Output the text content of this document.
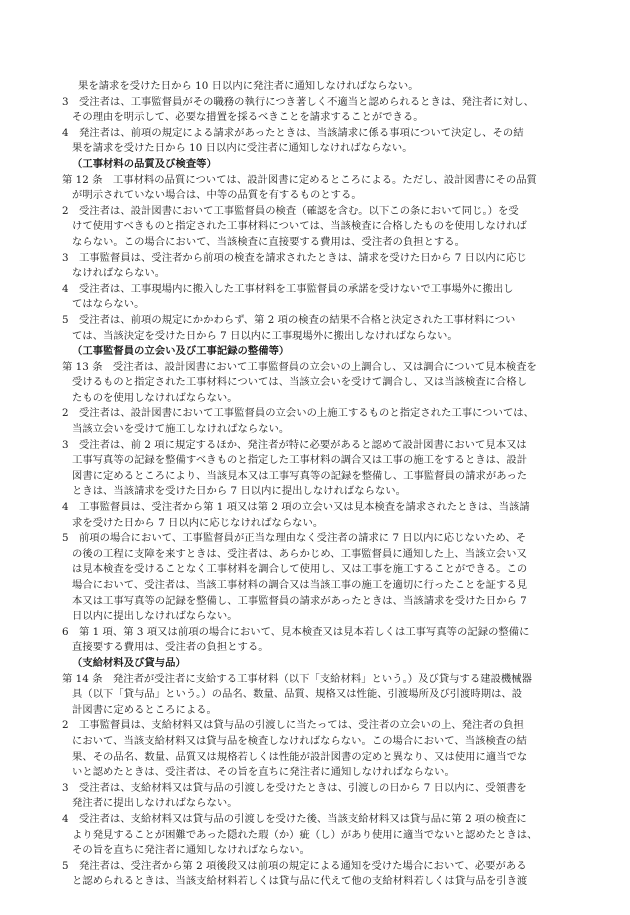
果を請求を受けた日から 10 日以内に発注者に通知しなければならない。
3　受注者は、工事監督員がその職務の執行につき著しく不適当と認められるときは、発注者に対し、
その理由を明示して、必要な措置を採るべきことを請求することができる。
4　発注者は、前項の規定による請求があったときは、当該請求に係る事項について決定し、その結
果を請求を受けた日から 10 日以内に受注者に通知しなければならない。
（工事材料の品質及び検査等）
第 12 条　工事材料の品質については、設計図書に定めるところによる。ただし、設計図書にその品質
が明示されていない場合は、中等の品質を有するものとする。
2　受注者は、設計図書において工事監督員の検査（確認を含む。以下この条において同じ。）を受
けて使用すべきものと指定された工事材料については、当該検査に合格したものを使用しなければ
ならない。この場合において、当該検査に直接要する費用は、受注者の負担とする。
3　工事監督員は、受注者から前項の検査を請求されたときは、請求を受けた日から 7 日以内に応じ
なければならない。
4　受注者は、工事現場内に搬入した工事材料を工事監督員の承諾を受けないで工事場外に搬出し
てはならない。
5　受注者は、前項の規定にかかわらず、第 2 項の検査の結果不合格と決定された工事材料につい
ては、当該決定を受けた日から 7 日以内に工事現場外に搬出しなければならない。
（工事監督員の立会い及び工事記録の整備等）
第 13 条　受注者は、設計図書において工事監督員の立会いの上調合し、又は調合について見本検査を
受けるものと指定された工事材料については、当該立会いを受けて調合し、又は当該検査に合格し
たものを使用しなければならない。
2　受注者は、設計図書において工事監督員の立会いの上施工するものと指定された工事については、
当該立会いを受けて施工しなければならない。
3　受注者は、前 2 項に規定するほか、発注者が特に必要があると認めて設計図書において見本又は
工事写真等の記録を整備すべきものと指定した工事材料の調合又は工事の施工をするときは、設計
図書に定めるところにより、当該見本又は工事写真等の記録を整備し、工事監督員の請求があった
ときは、当該請求を受けた日から 7 日以内に提出しなければならない。
4　工事監督員は、受注者から第 1 項又は第 2 項の立会い又は見本検査を請求されたときは、当該請
求を受けた日から 7 日以内に応じなければならない。
5　前項の場合において、工事監督員が正当な理由なく受注者の請求に 7 日以内に応じないため、そ
の後の工程に支障を来すときは、受注者は、あらかじめ、工事監督員に通知した上、当該立会い又
は見本検査を受けることなく工事材料を調合して使用し、又は工事を施工することができる。この
場合において、受注者は、当該工事材料の調合又は当該工事の施工を適切に行ったことを証する見
本又は工事写真等の記録を整備し、工事監督員の請求があったときは、当該請求を受けた日から 7
日以内に提出しなければならない。
6　第 1 項、第 3 項又は前項の場合において、見本検査又は見本若しくは工事写真等の記録の整備に
直接要する費用は、受注者の負担とする。
（支給材料及び貸与品）
第 14 条　発注者が受注者に支給する工事材料（以下「支給材料」という。）及び貸与する建設機械器
具（以下「貸与品」という。）の品名、数量、品質、規格又は性能、引渡場所及び引渡時期は、設
計図書に定めるところによる。
2　工事監督員は、支給材料又は貸与品の引渡しに当たっては、受注者の立会いの上、発注者の負担
において、当該支給材料又は貸与品を検査しなければならない。この場合において、当該検査の結
果、その品名、数量、品質又は規格若しくは性能が設計図書の定めと異なり、又は使用に適当でな
いと認めたときは、受注者は、その旨を直ちに発注者に通知しなければならない。
3　受注者は、支給材料又は貸与品の引渡しを受けたときは、引渡しの日から 7 日以内に、受領書を
発注者に提出しなければならない。
4　受注者は、支給材料又は貸与品の引渡しを受けた後、当該支給材料又は貸与品に第 2 項の検査に
より発見することが困難であった隠れた瑕（か）疵（し）があり使用に適当でないと認めたときは、
その旨を直ちに発注者に通知しなければならない。
5　発注者は、受注者から第 2 項後段又は前項の規定による通知を受けた場合において、必要がある
と認められるときは、当該支給材料若しくは貸与品に代えて他の支給材料若しくは貸与品を引き渡
